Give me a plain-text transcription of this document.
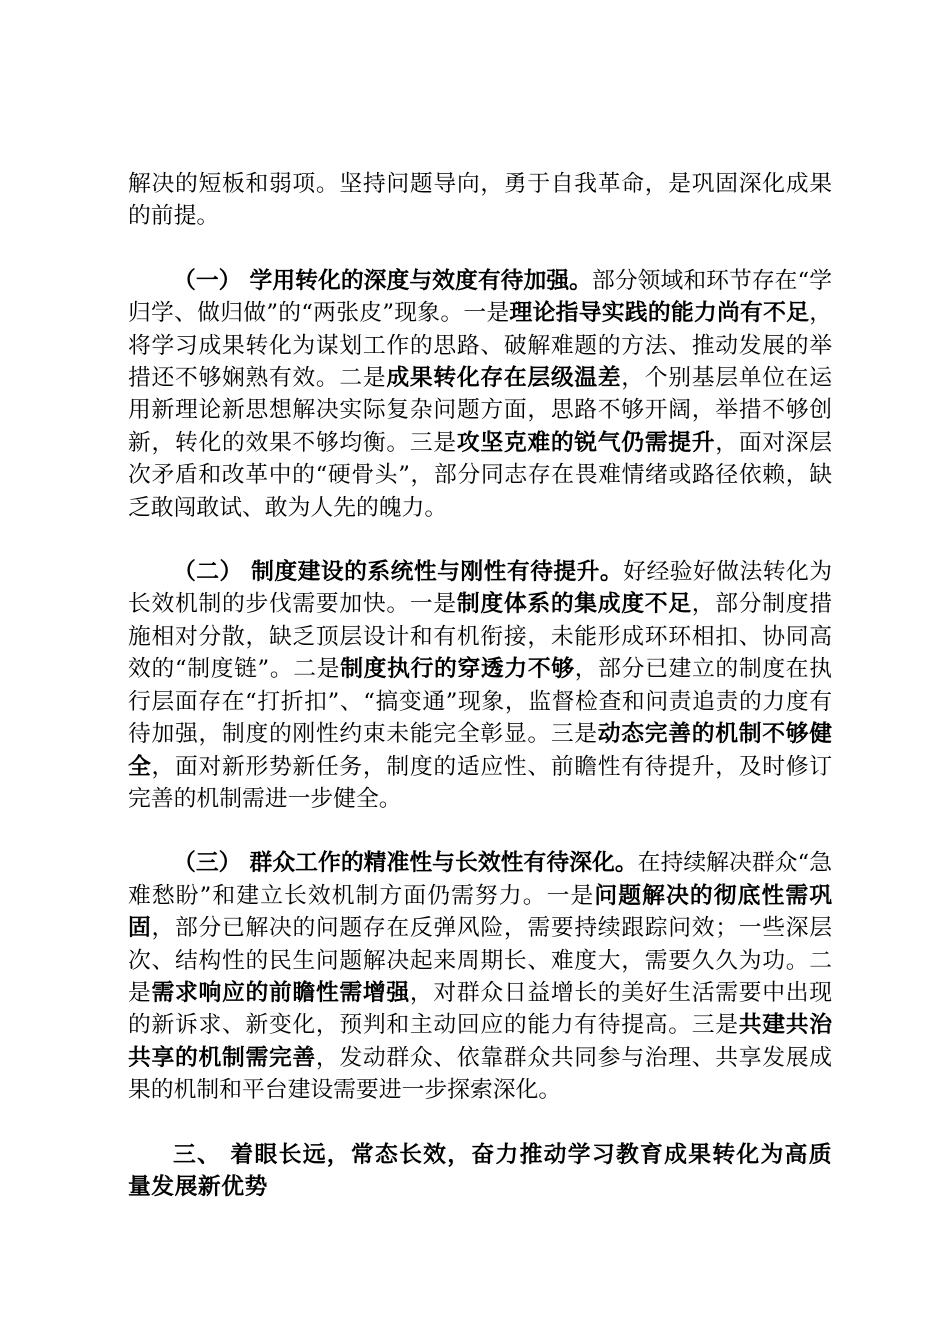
解决的短板和弱项。坚持问题导向，勇于自我革命，是巩固深化成果的前提。

（一） 学用转化的深度与效度有待加强。部分领域和环节存在“学归学、做归做”的“两张皮”现象。一是理论指导实践的能力尚有不足，将学习成果转化为谋划工作的思路、破解难题的方法、推动发展的举措还不够娴熟有效。二是成果转化存在层级温差，个别基层单位在运用新理论新思想解决实际复杂问题方面，思路不够开阔，举措不够创新，转化的效果不够均衡。三是攻坚克难的锐气仍需提升，面对深层次矛盾和改革中的“硬骨头”，部分同志存在畏难情绪或路径依赖，缺乏敢闯敢试、敢为人先的魄力。

（二） 制度建设的系统性与刚性有待提升。好经验好做法转化为长效机制的步伐需要加快。一是制度体系的集成度不足，部分制度措施相对分散，缺乏顶层设计和有机衔接，未能形成环环相扣、协同高效的“制度链”。二是制度执行的穿透力不够，部分已建立的制度在执行层面存在“打折扣”、“搞变通”现象，监督检查和问责追责的力度有待加强，制度的刚性约束未能完全彰显。三是动态完善的机制不够健全，面对新形势新任务，制度的适应性、前瞻性有待提升，及时修订完善的机制需进一步健全。

（三） 群众工作的精准性与长效性有待深化。在持续解决群众“急难愁盼”和建立长效机制方面仍需努力。一是问题解决的彻底性需巩固，部分已解决的问题存在反弹风险，需要持续跟踪问效；一些深层次、结构性的民生问题解决起来周期长、难度大，需要久久为功。二是需求响应的前瞻性需增强，对群众日益增长的美好生活需要中出现的新诉求、新变化，预判和主动回应的能力有待提高。三是共建共治共享的机制需完善，发动群众、依靠群众共同参与治理、共享发展成果的机制和平台建设需要进一步探索深化。

三、 着眼长远，常态长效，奋力推动学习教育成果转化为高质量发展新优势
